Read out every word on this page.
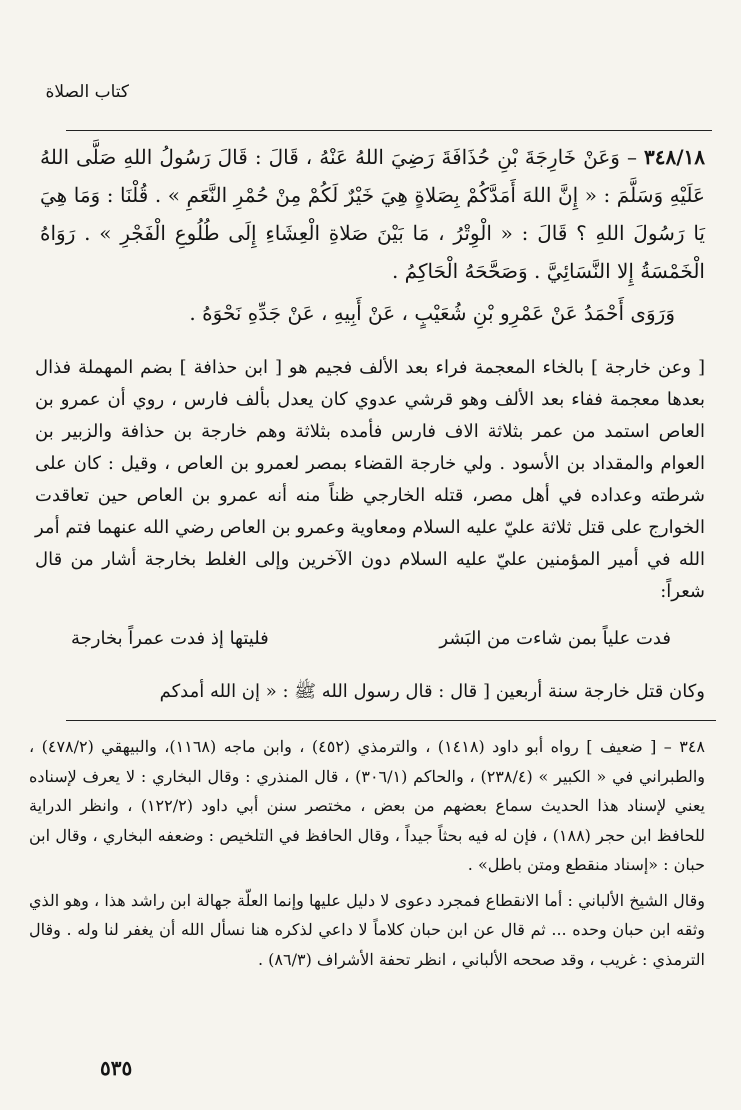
كتاب الصلاة

٣٤٨/١٨ – وَعَنْ خَارِجَةَ بْنِ حُذَافَةَ رَضِيَ اللهُ عَنْهُ ، قَالَ : قَالَ رَسُولُ اللهِ صَلَّى اللهُ عَلَيْهِ وَسَلَّمَ : « إِنَّ اللهَ أَمَدَّكُمْ بِصَلاةٍ هِيَ خَيْرٌ لَكُمْ مِنْ حُمْرِ النَّعَمِ » . قُلْنَا : وَمَا هِيَ يَا رَسُولَ اللهِ ؟ قَالَ : « الْوِتْرُ ، مَا بَيْنَ صَلاةِ الْعِشَاءِ إِلَى طُلُوعِ الْفَجْرِ » . رَوَاهُ الْخَمْسَةُ إِلا النَّسَائِيَّ . وَصَحَّحَهُ الْحَاكِمُ .

وَرَوَى أَحْمَدُ عَنْ عَمْرِو بْنِ شُعَيْبٍ ، عَنْ أَبِيهِ ، عَنْ جَدِّهِ نَحْوَهُ .

[ وعن خارجة ] بالخاء المعجمة فراء بعد الألف فجيم هو [ ابن حذافة ] بضم المهملة فذال بعدها معجمة ففاء بعد الألف وهو قرشي عدوي كان يعدل بألف فارس ، روي أن عمرو بن العاص استمد من عمر بثلاثة الاف فارس فأمده بثلاثة وهم خارجة بن حذافة والزبير بن العوام والمقداد بن الأسود . ولي خارجة القضاء بمصر لعمرو بن العاص ، وقيل : كان على شرطته وعداده في أهل مصر، قتله الخارجي ظناً منه أنه عمرو بن العاص حين تعاقدت الخوارج على قتل ثلاثة عليّ عليه السلام ومعاوية وعمرو بن العاص رضي الله عنهما فتم أمر الله في أمير المؤمنين عليّ عليه السلام دون الآخرين وإلى الغلط بخارجة أشار من قال شعراً:

فدت علياً بمن شاءت من البَشر
فليتها إذ فدت عمراً بخارجة
وكان قتل خارجة سنة أربعين [ قال : قال رسول الله ﷺ : « إن الله أمدكم

٣٤٨ – [ ضعيف ] رواه أبو داود (١٤١٨) ، والترمذي (٤٥٢) ، وابن ماجه (١١٦٨)، والبيهقي (٤٧٨/٢) ، والطبراني في « الكبير » (٢٣٨/٤) ، والحاكم (٣٠٦/١) ، قال المنذري : وقال البخاري : لا يعرف لإسناده يعني لإسناد هذا الحديث سماع بعضهم من بعض ، مختصر سنن أبي داود (١٢٢/٢) ، وانظر الدراية للحافظ ابن حجر (١٨٨) ، فإن له فيه بحثاً جيداً ، وقال الحافظ في التلخيص : وضعفه البخاري ، وقال ابن حبان : «إسناد منقطع ومتن باطل» .

وقال الشيخ الألباني : أما الانقطاع فمجرد دعوى لا دليل عليها وإنما العلّة جهالة ابن راشد هذا ، وهو الذي وثقه ابن حبان وحده ... ثم قال عن ابن حبان كلاماً لا داعي لذكره هنا نسأل الله أن يغفر لنا وله . وقال الترمذي : غريب ، وقد صححه الألباني ، انظر تحفة الأشراف (٨٦/٣) .

٥٣٥
